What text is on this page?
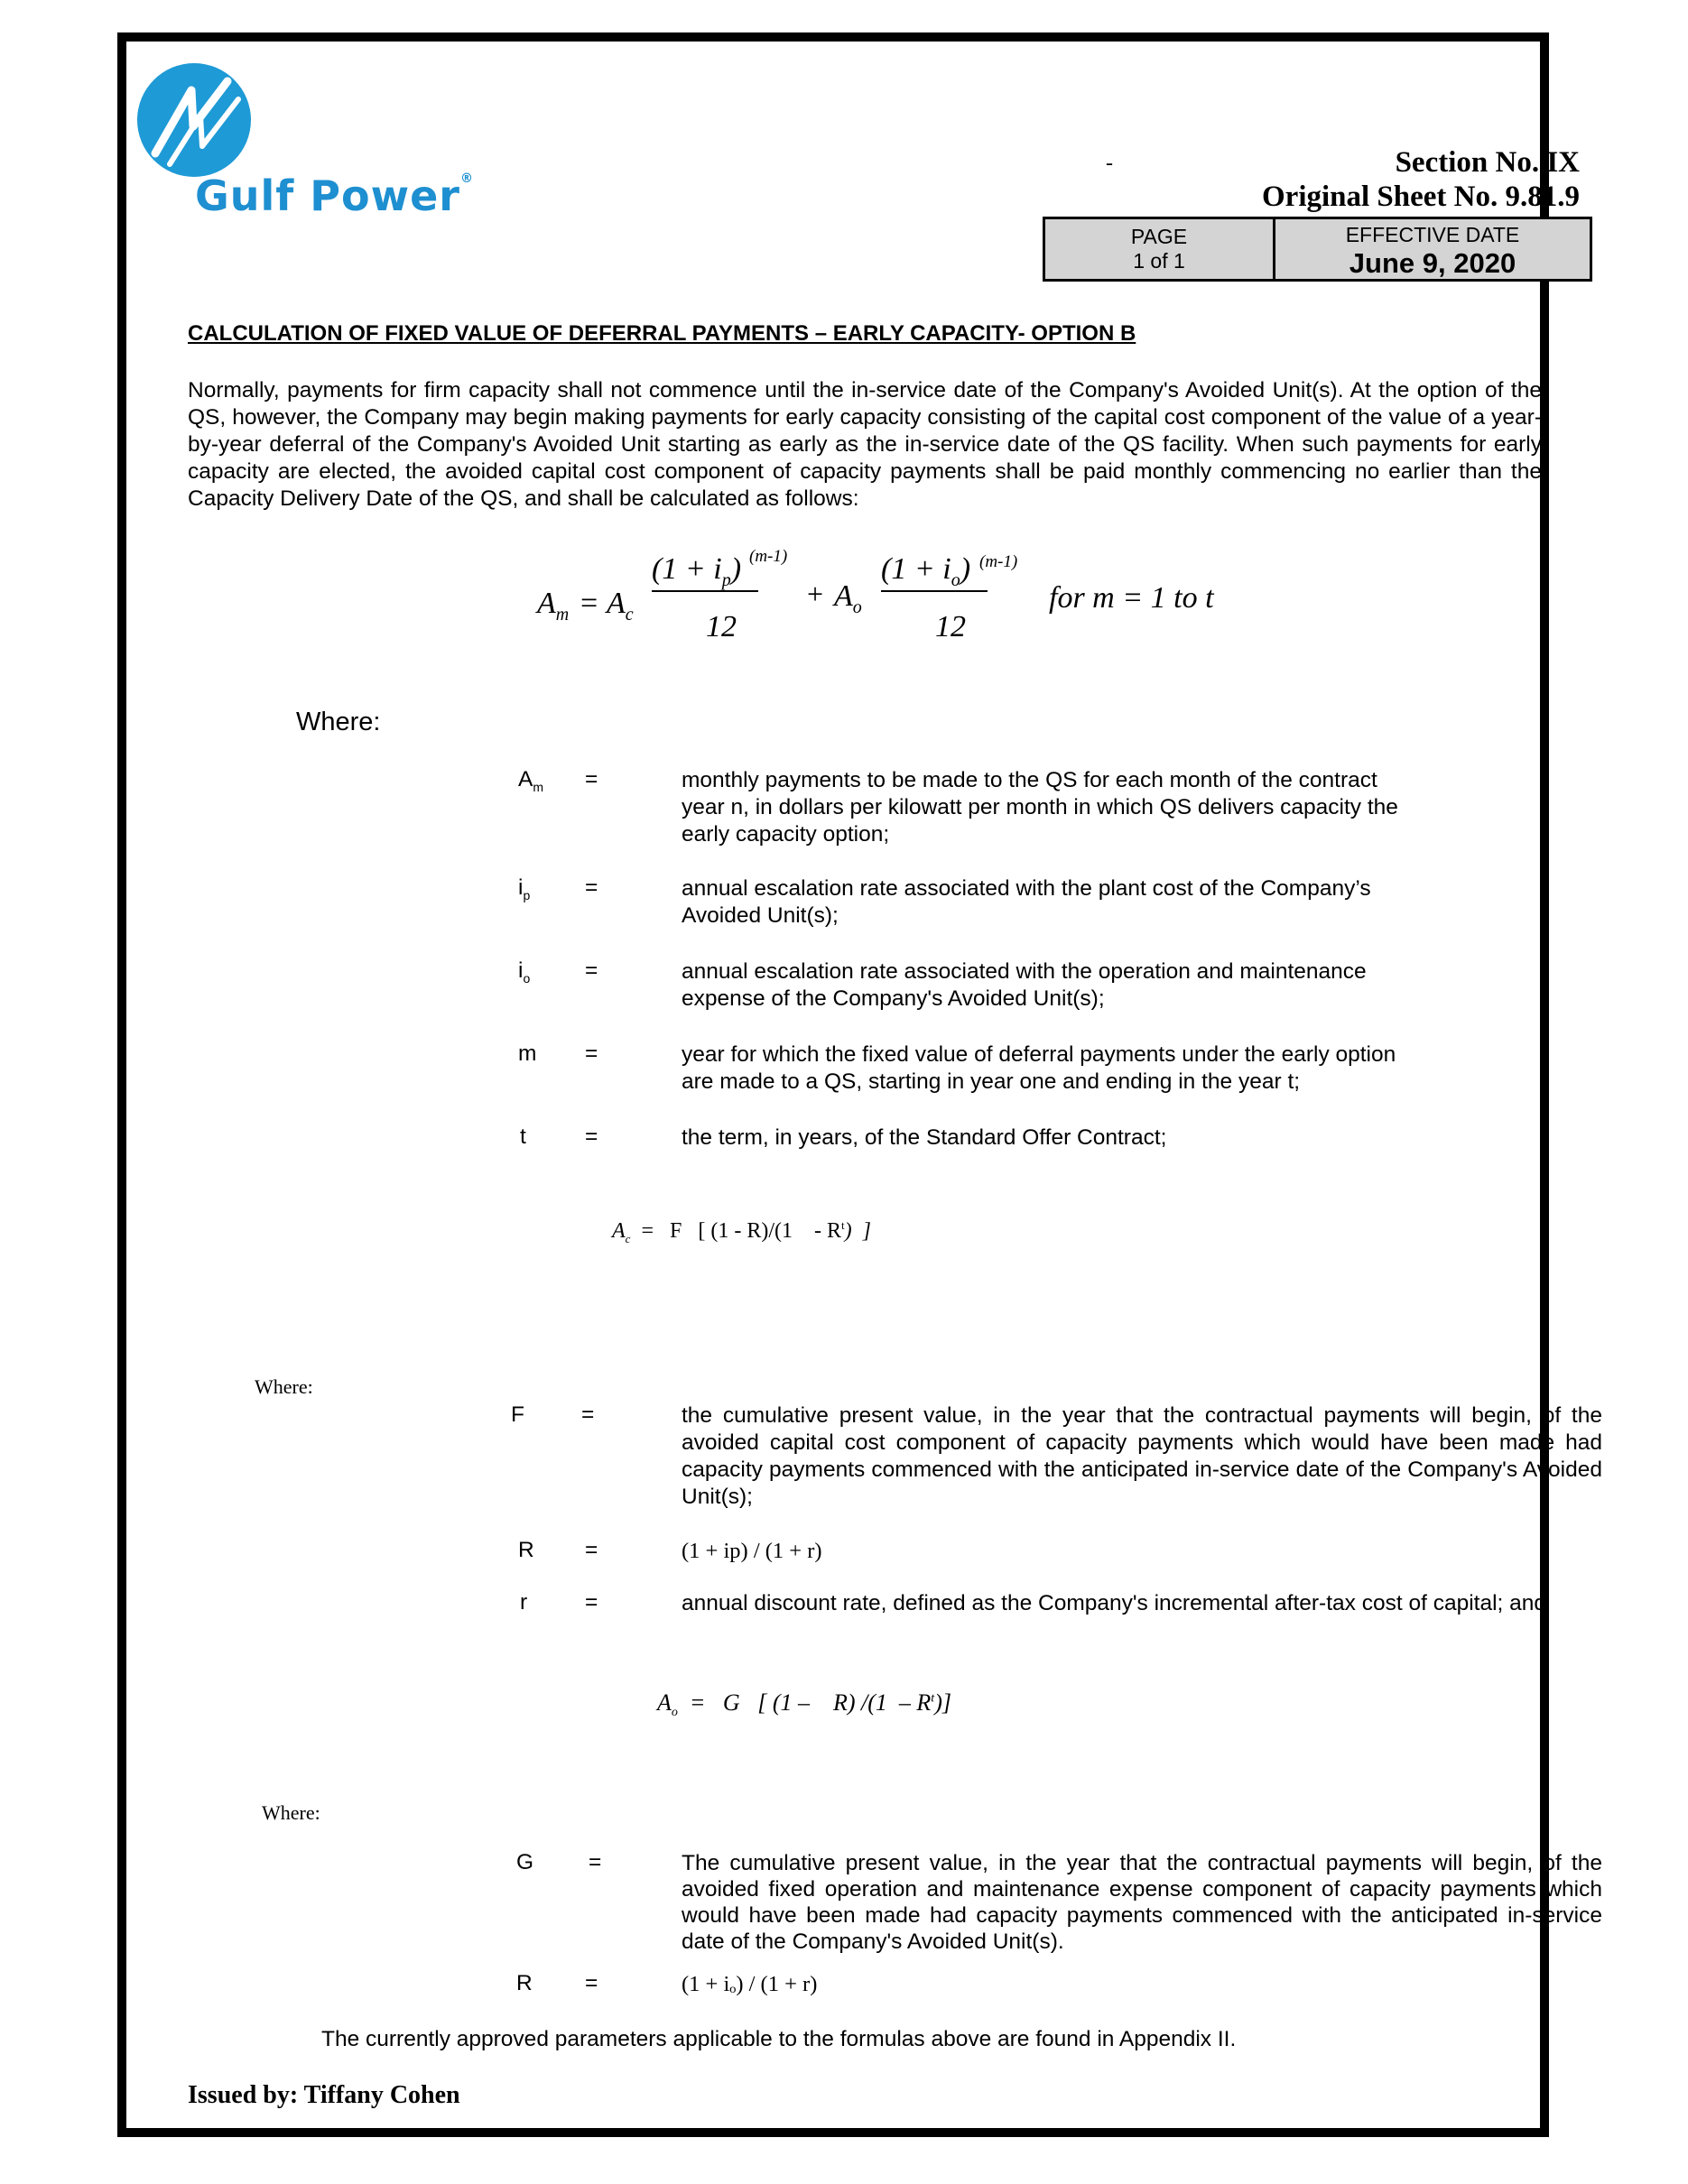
Gulf Power®
-	Section No. IX
Original Sheet No. 9.81.9
PAGE
1 of 1
EFFECTIVE DATE
June 9, 2020
CALCULATION OF FIXED VALUE OF DEFERRAL PAYMENTS – EARLY CAPACITY- OPTION B
Normally, payments for firm capacity shall not commence until the in-service date of the Company's Avoided Unit(s). At the option of the QS, however, the Company may begin making payments for early capacity consisting of the capital cost component of the value of a year-by-year deferral of the Company's Avoided Unit starting as early as the in-service date of the QS facility. When such payments for early capacity are elected, the avoided capital cost component of capacity payments shall be paid monthly commencing no earlier than the Capacity Delivery Date of the QS, and shall be calculated as follows:
$A_m = A_c$
$(1 + i_p)$ (m-1)
12
+ $A_o$
$(1 + i_o)$ (m-1)
12
for m = 1 to t
Where:
$A_m$ =	monthly payments to be made to the QS for each month of the contract year n, in dollars per kilowatt per month in which QS delivers capacity the early capacity option;
$i_p$ =	annual escalation rate associated with the plant cost of the Company’s Avoided Unit(s);
$i_o$ =	annual escalation rate associated with the operation and maintenance expense of the Company's Avoided Unit(s);
m =	year for which the fixed value of deferral payments under the early option are made to a QS, starting in year one and ending in the year t;
t	=	the term, in years, of the Standard Offer Contract;
$A_c = F$   [ (1 - R)/(1    - $R^t$)  ]
Where:
F	=	the cumulative present value, in the year that the contractual payments will begin, of the avoided capital cost component of capacity payments which would have been made had capacity payments commenced with the anticipated in-service date of the Company's Avoided Unit(s);
R =	(1 + ip) / (1 + r)
r	=	annual discount rate, defined as the Company's incremental after-tax cost of capital; and
$A_o = G$   [ (1 –    R) $/(1 - R^t)$]
Where:
G =	The cumulative present value, in the year that the contractual payments will begin, of the avoided fixed operation and maintenance expense component of capacity payments which would have been made had capacity payments commenced with the anticipated in-service date of the Company's Avoided Unit(s).
R =	(1 + iₒ) / (1 + r)
The currently approved parameters applicable to the formulas above are found in Appendix II.
Issued by: Tiffany Cohen
